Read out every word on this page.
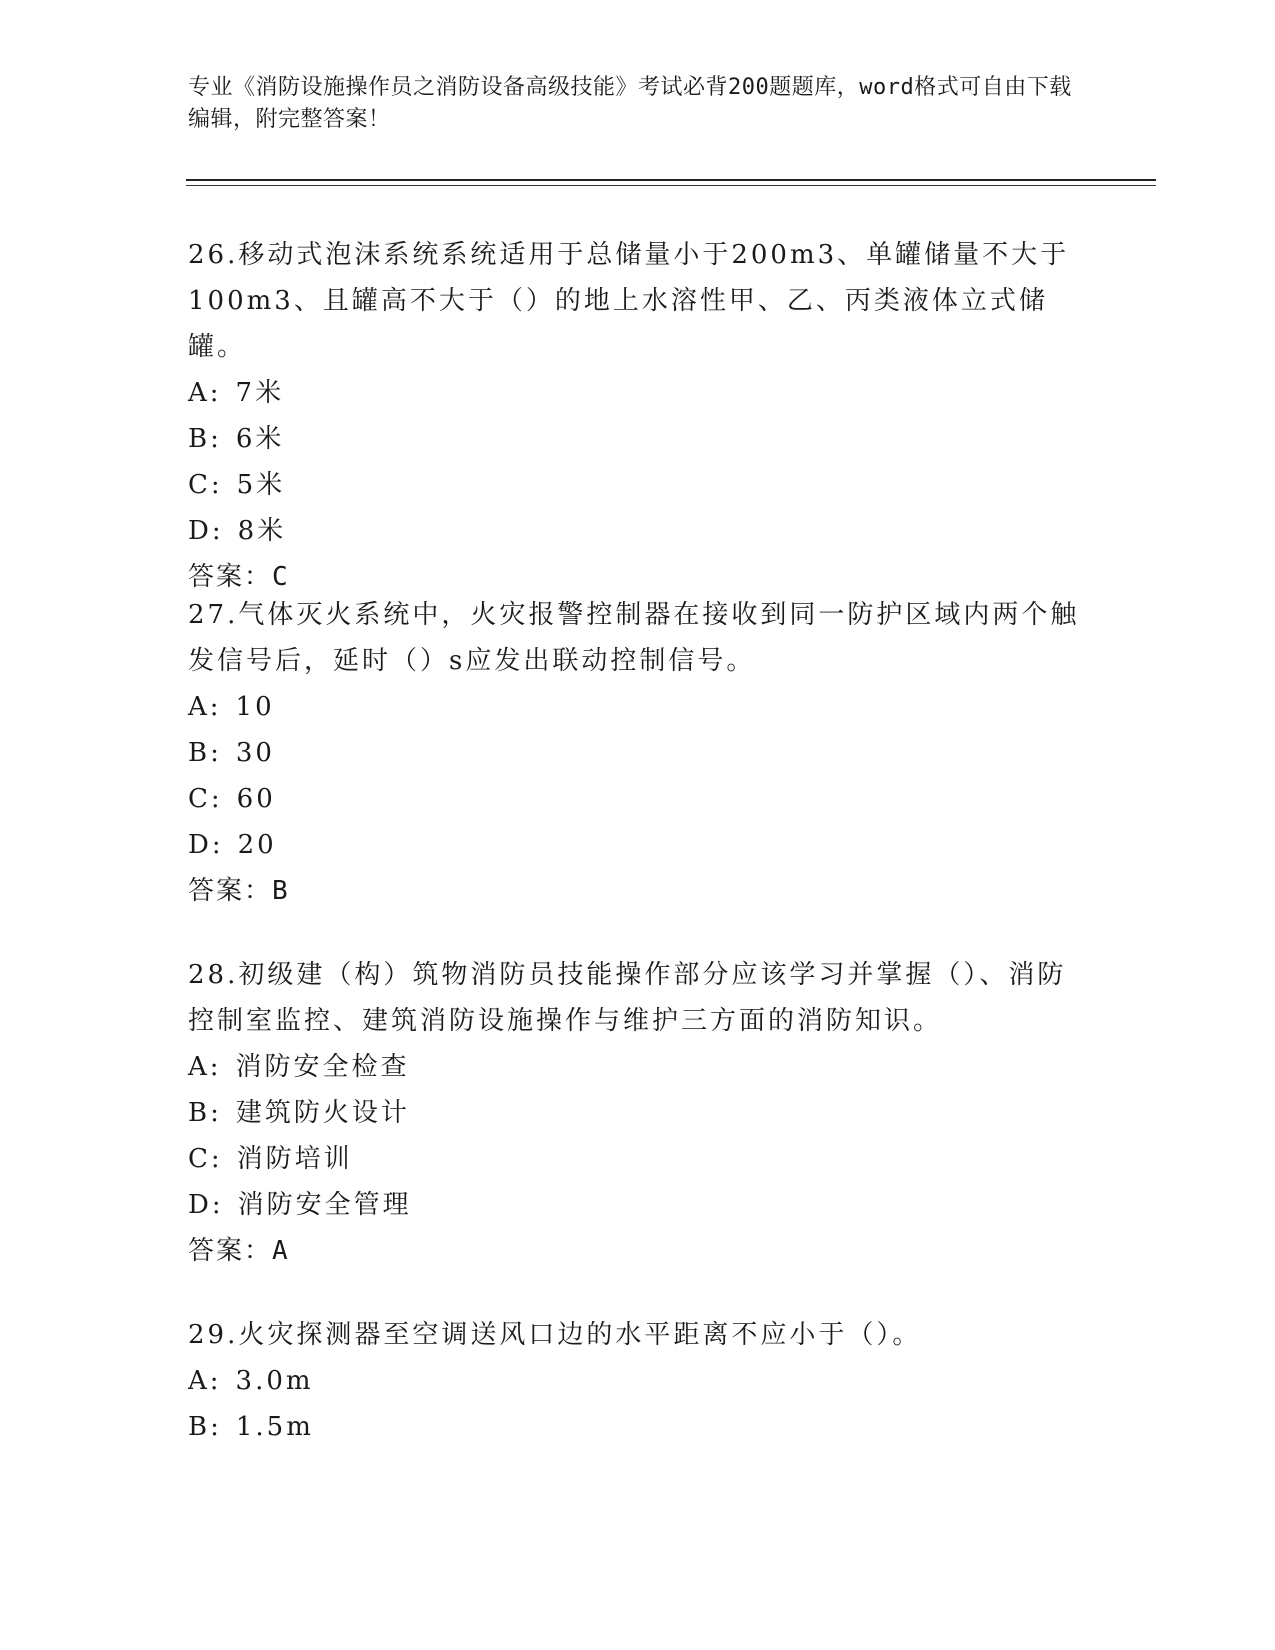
专业《消防设施操作员之消防设备高级技能》考试必背200题题库，word格式可自由下载编辑，附完整答案！
26.移动式泡沫系统系统适用于总储量小于200m3、单罐储量不大于100m3、且罐高不大于（）的地上水溶性甲、乙、丙类液体立式储罐。
A: 7米
B: 6米
C: 5米
D: 8米
答案：C
27.气体灭火系统中，火灾报警控制器在接收到同一防护区域内两个触发信号后，延时（）s应发出联动控制信号。
A: 10
B: 30
C: 60
D: 20
答案：B
28.初级建（构）筑物消防员技能操作部分应该学习并掌握（）、消防控制室监控、建筑消防设施操作与维护三方面的消防知识。
A: 消防安全检查
B: 建筑防火设计
C: 消防培训
D: 消防安全管理
答案：A
29.火灾探测器至空调送风口边的水平距离不应小于（）。
A: 3.0m
B: 1.5m
